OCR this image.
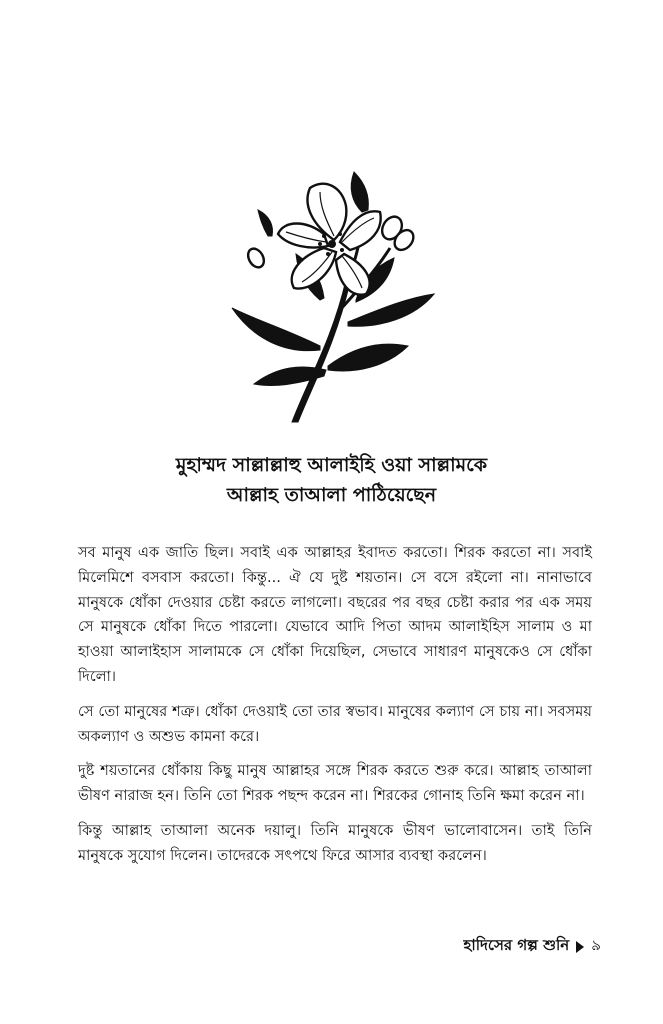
মুহাম্মদ সাল্লাল্লাহু আলাইহি ওয়া সাল্লামকে
আল্লাহ তাআলা পাঠিয়েছেন

সব মানুষ এক জাতি ছিল। সবাই এক আল্লাহর ইবাদত করতো। শিরক করতো না। সবাই মিলেমিশে বসবাস করতো। কিন্তু... ঐ যে দুষ্ট শয়তান। সে বসে রইলো না। নানাভাবে মানুষকে ধোঁকা দেওয়ার চেষ্টা করতে লাগলো। বছরের পর বছর চেষ্টা করার পর এক সময় সে মানুষকে ধোঁকা দিতে পারলো। যেভাবে আদি পিতা আদম আলাইহিস সালাম ও মা হাওয়া আলাইহাস সালামকে সে ধোঁকা দিয়েছিল, সেভাবে সাধারণ মানুষকেও সে ধোঁকা দিলো।

সে তো মানুষের শত্রু। ধোঁকা দেওয়াই তো তার স্বভাব। মানুষের কল্যাণ সে চায় না। সবসময় অকল্যাণ ও অশুভ কামনা করে।

দুষ্ট শয়তানের ধোঁকায় কিছু মানুষ আল্লাহর সঙ্গে শিরক করতে শুরু করে। আল্লাহ তাআলা ভীষণ নারাজ হন। তিনি তো শিরক পছন্দ করেন না। শিরকের গোনাহ তিনি ক্ষমা করেন না।

কিন্তু আল্লাহ তাআলা অনেক দয়ালু। তিনি মানুষকে ভীষণ ভালোবাসেন। তাই তিনি মানুষকে সুযোগ দিলেন। তাদেরকে সৎপথে ফিরে আসার ব্যবস্থা করলেন।

হাদিসের গল্প শুনি ৯
